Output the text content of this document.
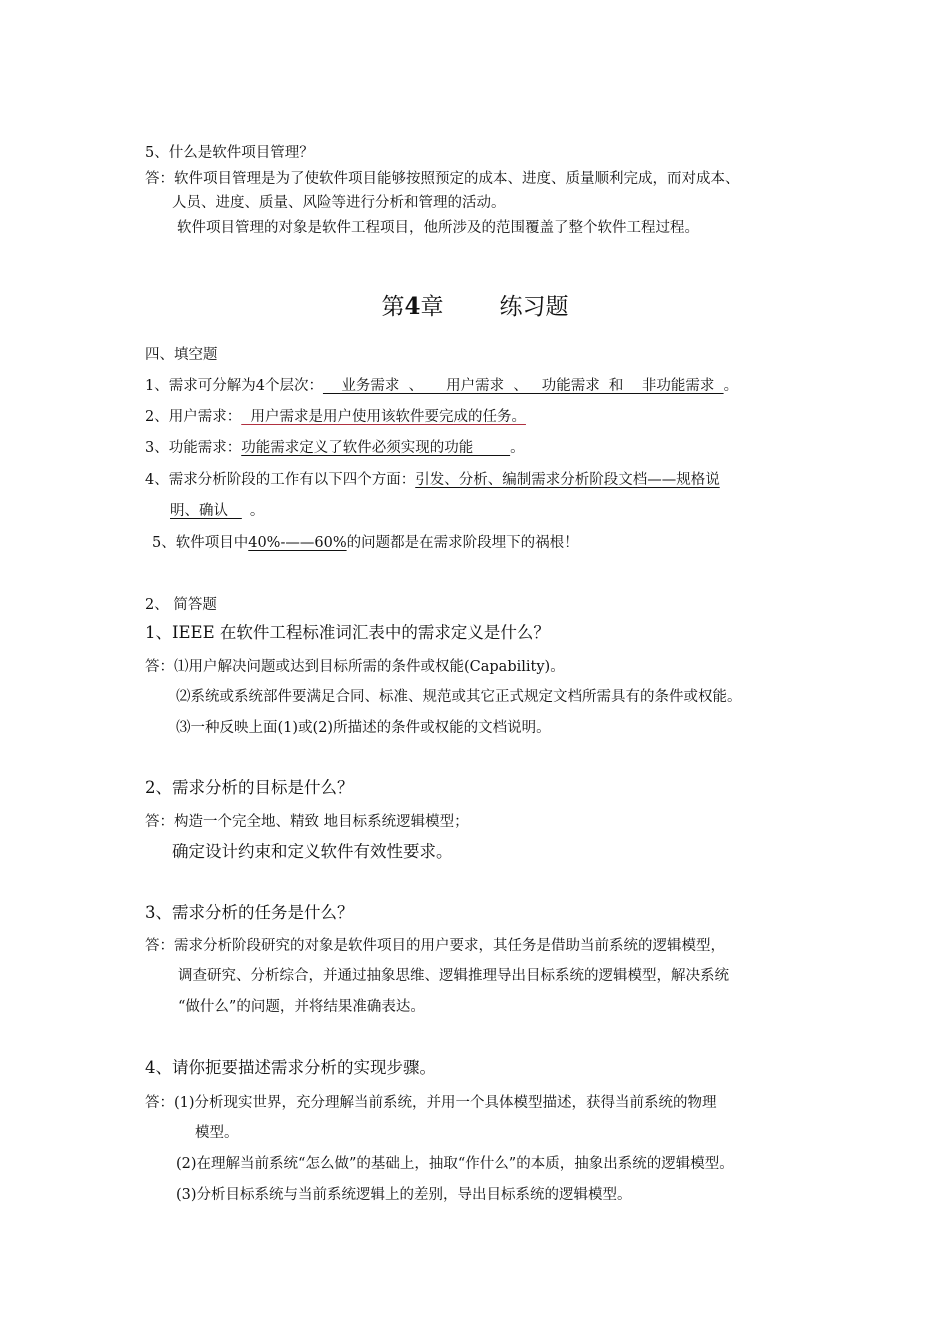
5、什么是软件项目管理？
答：软件项目管理是为了使软件项目能够按照预定的成本、进度、质量顺利完成，而对成本、
人员、进度、质量、风险等进行分析和管理的活动。
软件项目管理的对象是软件工程项目，他所涉及的范围覆盖了整个软件工程过程。
第4章 练习题
四、填空题
1、需求可分解为4个层次：    业务需求  、     用户需求  、   功能需求  和    非功能需求  。
2、用户需求：  用户需求是用户使用该软件要完成的任务。
3、功能需求：功能需求定义了软件必须实现的功能        。
4、需求分析阶段的工作有以下四个方面：引发、分析、编制需求分析阶段文档——规格说
明、确认   。
5、软件项目中40%-——60%的问题都是在需求阶段埋下的祸根！
2、 简答题
1、IEEE 在软件工程标准词汇表中的需求定义是什么？
答：⑴用户解决问题或达到目标所需的条件或权能(Capability)。
⑵系统或系统部件要满足合同、标准、规范或其它正式规定文档所需具有的条件或权能。
⑶一种反映上面(1)或(2)所描述的条件或权能的文档说明。
2、需求分析的目标是什么？
答：构造一个完全地、精致 地目标系统逻辑模型；
确定设计约束和定义软件有效性要求。
3、需求分析的任务是什么？
答：需求分析阶段研究的对象是软件项目的用户要求，其任务是借助当前系统的逻辑模型，
调查研究、分析综合，并通过抽象思维、逻辑推理导出目标系统的逻辑模型，解决系统
“做什么”的问题，并将结果准确表达。
4、请你扼要描述需求分析的实现步骤。
答：(1)分析现实世界，充分理解当前系统，并用一个具体模型描述，获得当前系统的物理
模型。
(2)在理解当前系统“怎么做”的基础上，抽取“作什么”的本质，抽象出系统的逻辑模型。
(3)分析目标系统与当前系统逻辑上的差别，导出目标系统的逻辑模型。
